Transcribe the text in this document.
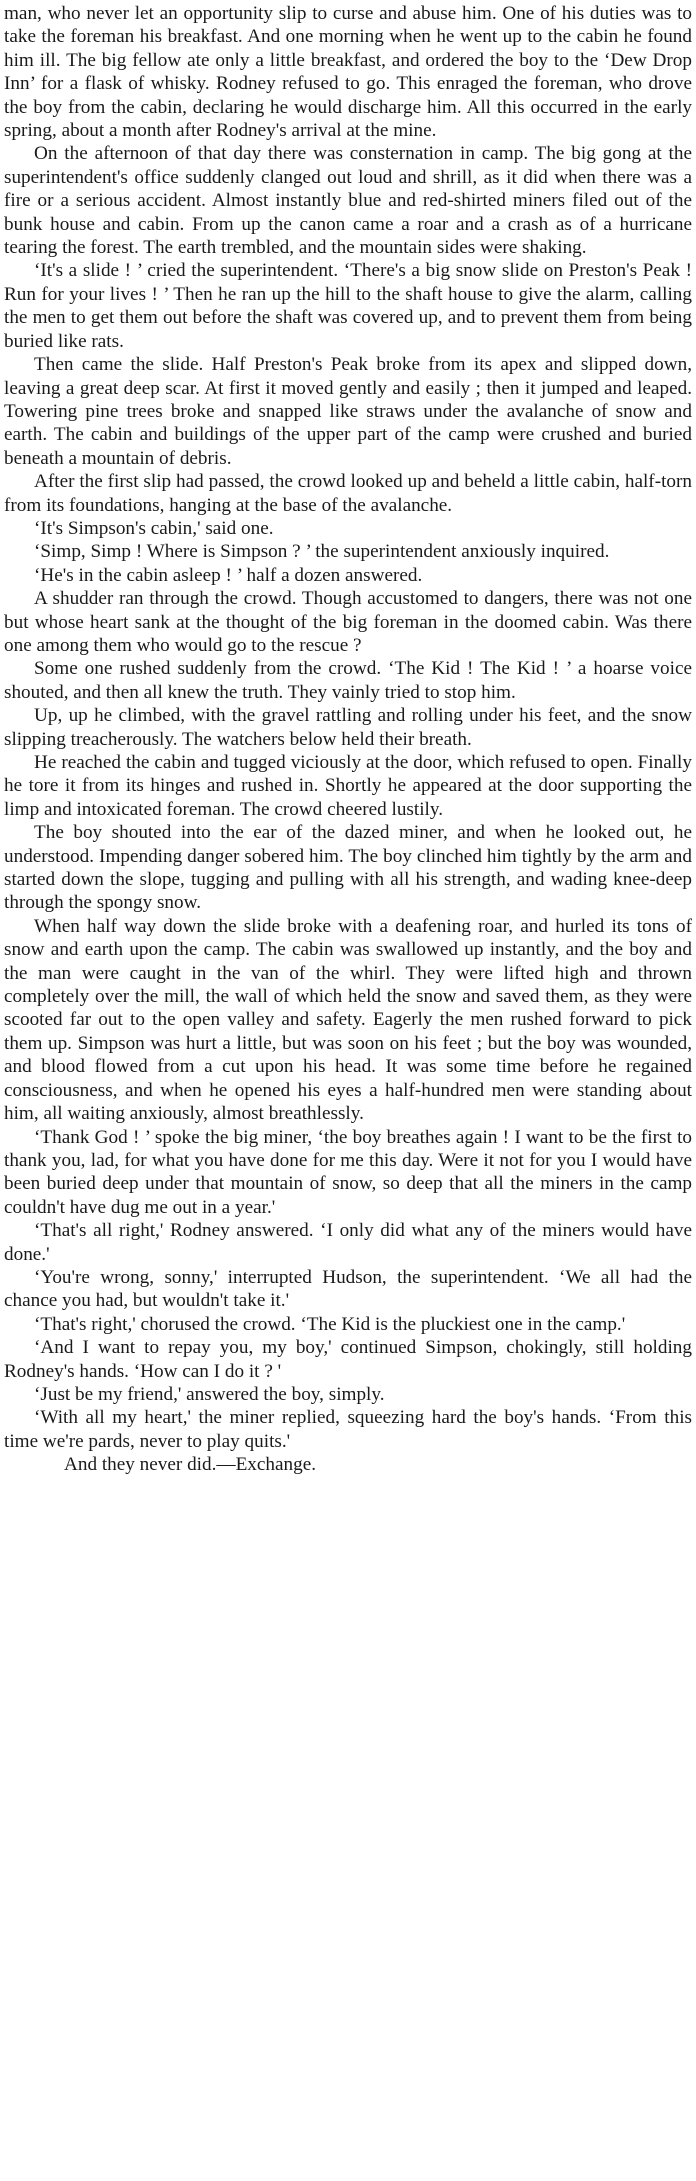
man, who never let an opportunity slip to curse and abuse him. One of his duties was to take the foreman his breakfast. And one morning when he went up to the cabin he found him ill. The big fellow ate only a little breakfast, and ordered the boy to the ‘Dew Drop Inn’ for a flask of whisky. Rodney refused to go. This enraged the foreman, who drove the boy from the cabin, declaring he would discharge him. All this occurred in the early spring, about a month after Rodney's arrival at the mine.

On the afternoon of that day there was consternation in camp. The big gong at the superintendent's office suddenly clanged out loud and shrill, as it did when there was a fire or a serious accident. Almost instantly blue and red-shirted miners filed out of the bunk house and cabin. From up the canon came a roar and a crash as of a hurricane tearing the forest. The earth trembled, and the mountain sides were shaking.

‘It's a slide ! ’ cried the superintendent. ‘There's a big snow slide on Preston's Peak ! Run for your lives ! ’ Then he ran up the hill to the shaft house to give the alarm, calling the men to get them out before the shaft was covered up, and to prevent them from being buried like rats.

Then came the slide. Half Preston's Peak broke from its apex and slipped down, leaving a great deep scar. At first it moved gently and easily ; then it jumped and leaped. Towering pine trees broke and snapped like straws under the avalanche of snow and earth. The cabin and buildings of the upper part of the camp were crushed and buried beneath a mountain of debris.

After the first slip had passed, the crowd looked up and beheld a little cabin, half-torn from its foundations, hanging at the base of the avalanche.

‘It's Simpson's cabin,' said one.

‘Simp, Simp ! Where is Simpson ? ’ the superintendent anxiously inquired.

‘He's in the cabin asleep ! ’ half a dozen answered.

A shudder ran through the crowd. Though accustomed to dangers, there was not one but whose heart sank at the thought of the big foreman in the doomed cabin. Was there one among them who would go to the rescue ?

Some one rushed suddenly from the crowd. ‘The Kid ! The Kid ! ’ a hoarse voice shouted, and then all knew the truth. They vainly tried to stop him.

Up, up he climbed, with the gravel rattling and rolling under his feet, and the snow slipping treacherously. The watchers below held their breath.

He reached the cabin and tugged viciously at the door, which refused to open. Finally he tore it from its hinges and rushed in. Shortly he appeared at the door supporting the limp and intoxicated foreman. The crowd cheered lustily.

The boy shouted into the ear of the dazed miner, and when he looked out, he understood. Impending danger sobered him. The boy clinched him tightly by the arm and started down the slope, tugging and pulling with all his strength, and wading knee-deep through the spongy snow.

When half way down the slide broke with a deafening roar, and hurled its tons of snow and earth upon the camp. The cabin was swallowed up instantly, and the boy and the man were caught in the van of the whirl. They were lifted high and thrown completely over the mill, the wall of which held the snow and saved them, as they were scooted far out to the open valley and safety. Eagerly the men rushed forward to pick them up. Simpson was hurt a little, but was soon on his feet ; but the boy was wounded, and blood flowed from a cut upon his head. It was some time before he regained consciousness, and when he opened his eyes a half-hundred men were standing about him, all waiting anxiously, almost breathlessly.

‘Thank God ! ’ spoke the big miner, ‘the boy breathes again ! I want to be the first to thank you, lad, for what you have done for me this day. Were it not for you I would have been buried deep under that mountain of snow, so deep that all the miners in the camp couldn't have dug me out in a year.'

‘That's all right,' Rodney answered. ‘I only did what any of the miners would have done.'

‘You're wrong, sonny,' interrupted Hudson, the superintendent. ‘We all had the chance you had, but wouldn't take it.'

‘That's right,' chorused the crowd. ‘The Kid is the pluckiest one in the camp.'

‘And I want to repay you, my boy,' continued Simpson, chokingly, still holding Rodney's hands. ‘How can I do it ? '

‘Just be my friend,' answered the boy, simply.

‘With all my heart,' the miner replied, squeezing hard the boy's hands. ‘From this time we're pards, never to play quits.'

And they never did.—Exchange.
